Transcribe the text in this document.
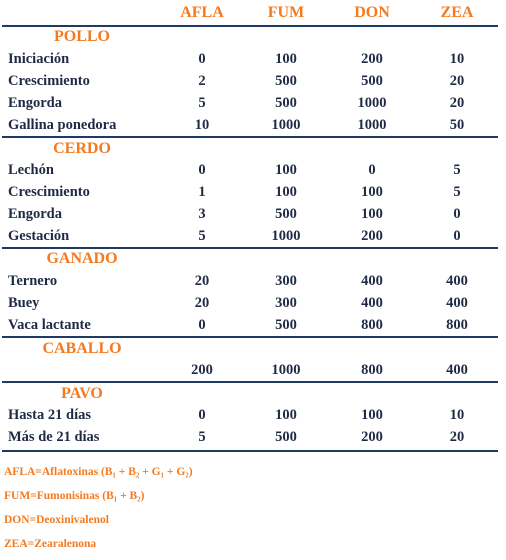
AFLA	FUM	DON	ZEA
POLLO
Iniciación	0	100	200	10
Crescimiento	2	500	500	20
Engorda	5	500	1000	20
Gallina ponedora	10	1000	1000	50
CERDO
Lechón	0	100	0	5
Crescimiento	1	100	100	5
Engorda	3	500	100	0
Gestación	5	1000	200	0
GANADO
Ternero	20	300	400	400
Buey	20	300	400	400
Vaca lactante	0	500	800	800
CABALLO
200	1000	800	400
PAVO
Hasta 21 días	0	100	100	10
Más de 21 días	5	500	200	20
AFLA=Aflatoxinas (B₁ + B₂ + G₁ + G₂)
FUM=Fumonisinas (B₁ + B₂)
DON=Deoxinivalenol
ZEA=Zearalenona
